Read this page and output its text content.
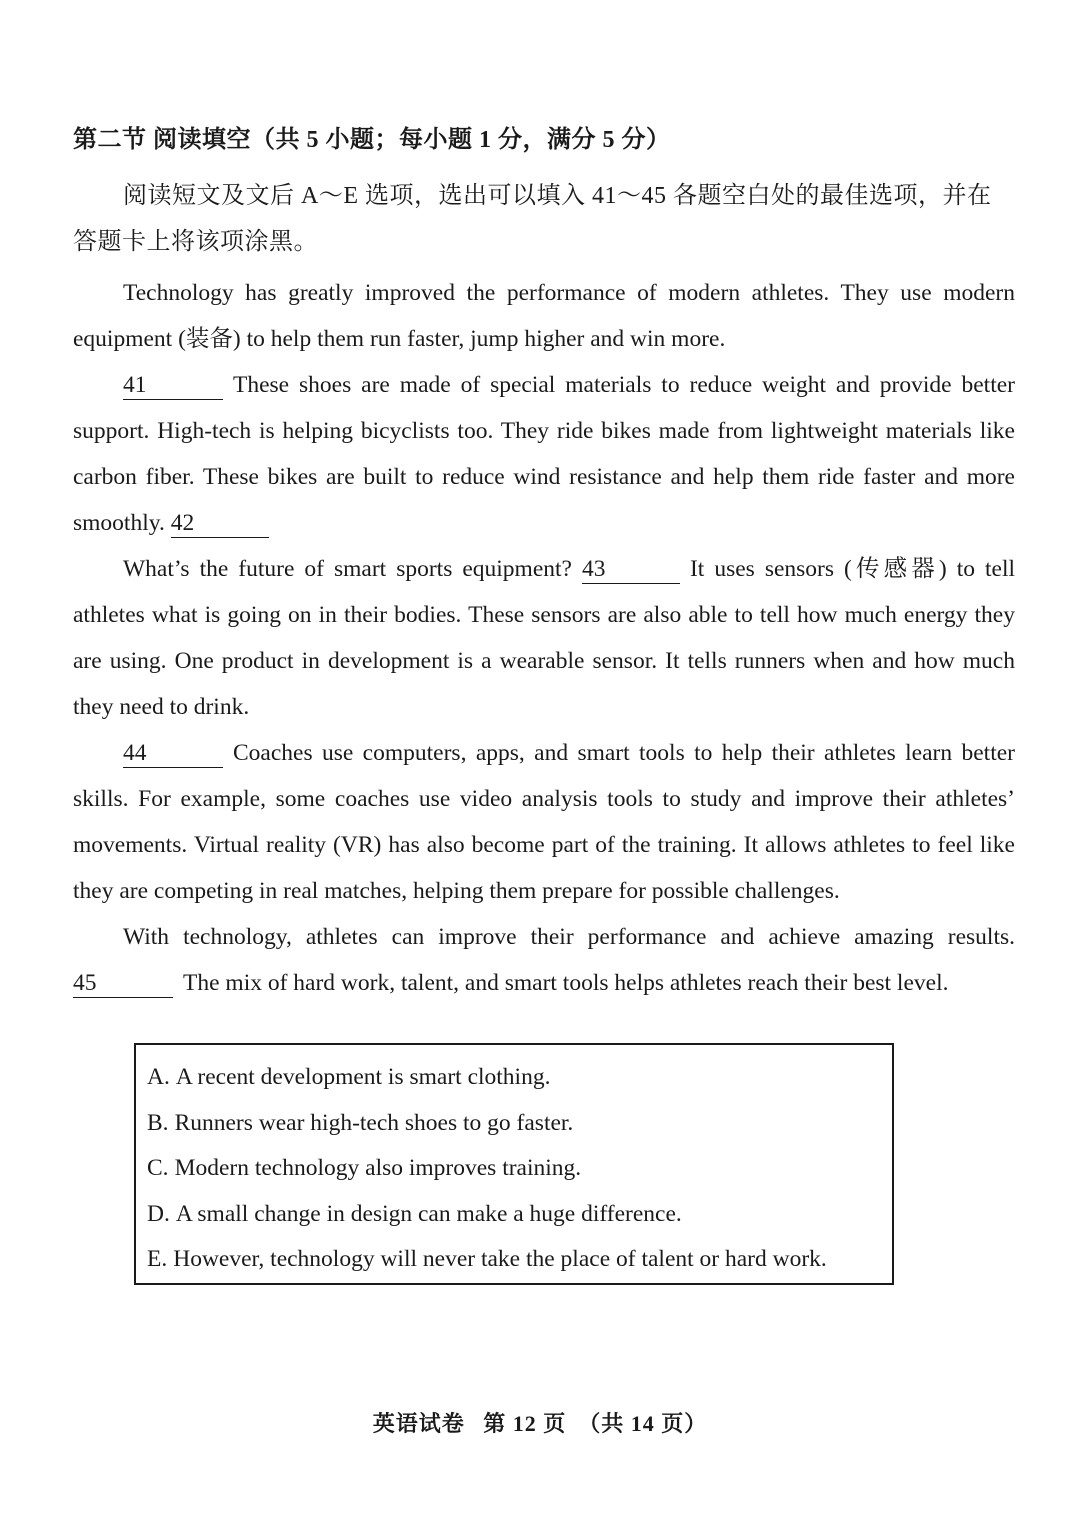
第二节 阅读填空（共 5 小题；每小题 1 分，满分 5 分）

阅读短文及文后 A～E 选项，选出可以填入 41～45 各题空白处的最佳选项，并在答题卡上将该项涂黑。

Technology has greatly improved the performance of modern athletes. They use modern equipment (装备) to help them run faster, jump higher and win more.

41	These shoes are made of special materials to reduce weight and provide better support. High-tech is helping bicyclists too. They ride bikes made from lightweight materials like carbon fiber. These bikes are built to reduce wind resistance and help them ride faster and more smoothly. 42

What’s the future of smart sports equipment? 43	It uses sensors (传感器) to tell athletes what is going on in their bodies. These sensors are also able to tell how much energy they are using. One product in development is a wearable sensor. It tells runners when and how much they need to drink.

44	Coaches use computers, apps, and smart tools to help their athletes learn better skills. For example, some coaches use video analysis tools to study and improve their athletes’ movements. Virtual reality (VR) has also become part of the training. It allows athletes to feel like they are competing in real matches, helping them prepare for possible challenges.

With technology, athletes can improve their performance and achieve amazing results. 45	The mix of hard work, talent, and smart tools helps athletes reach their best level.

A. A recent development is smart clothing.
B. Runners wear high-tech shoes to go faster.
C. Modern technology also improves training.
D. A small change in design can make a huge difference.
E. However, technology will never take the place of talent or hard work.
英语试卷 第 12 页 （共 14 页）
